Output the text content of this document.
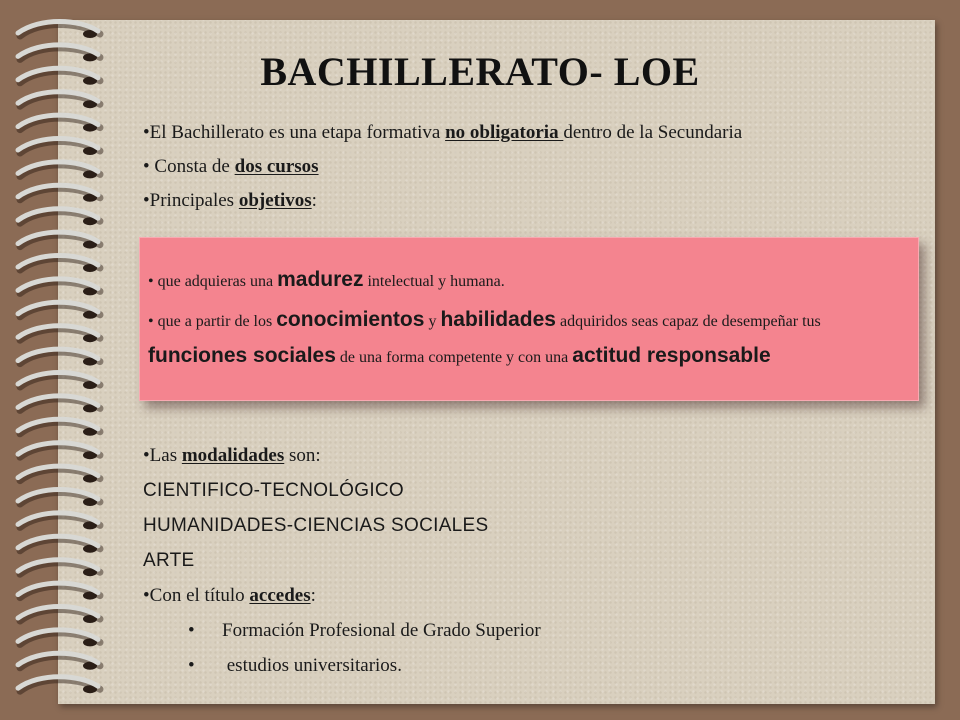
BACHILLERATO- LOE
•El Bachillerato es una etapa formativa no obligatoria dentro de la Secundaria
• Consta de dos cursos
•Principales objetivos:

• que adquieras una madurez intelectual y humana.

• que a partir de los conocimientos y habilidades adquiridos seas capaz de desempeñar tus funciones sociales de una forma competente y con una actitud responsable

•Las modalidades son:
CIENTIFICO-TECNOLÓGICO
HUMANIDADES-CIENCIAS SOCIALES
ARTE
•Con el título accedes:
• Formación Profesional de Grado Superior
• estudios universitarios.
